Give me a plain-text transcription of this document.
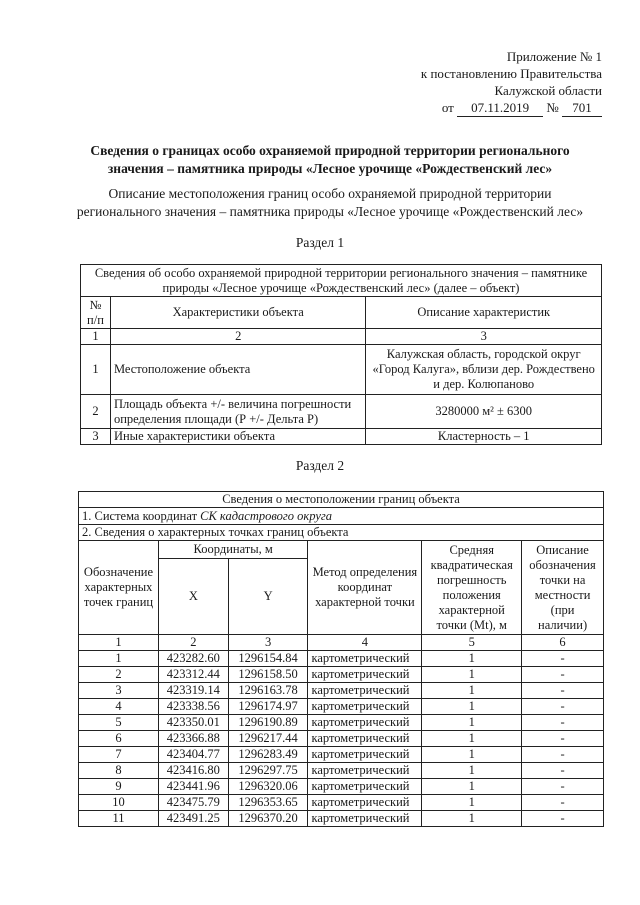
Приложение № 1
к постановлению Правительства
Калужской области
от 07.11.2019 № 701
Сведения о границах особо охраняемой природной территории регионального
значения – памятника природы «Лесное урочище «Рождественский лес»
Описание местоположения границ особо охраняемой природной территории
регионального значения – памятника природы «Лесное урочище «Рождественский лес»
Раздел 1
Сведения об особо охраняемой природной территории регионального значения – памятнике природы «Лесное урочище «Рождественский лес» (далее – объект)		
№ п/п	Характеристики объекта	Описание характеристик
1	2	3
1	Местоположение объекта	Калужская область, городской округ «Город Калуга», вблизи дер. Рождествено и дер. Колюпаново
2	Площадь объекта +/- величина погрешности определения площади (Р +/- Дельта Р)	3280000 м² ± 6300
3	Иные характеристики объекта	Кластерность – 1
Раздел 2
Сведения о местоположении границ объекта					
1. Система координат СК кадастрового округа					
2. Сведения о характерных точках границ объекта					
Обозначение характерных точек границ	Координаты, м		Метод определения координат характерной точки	Средняя квадратическая погрешность положения характерной точки (Mt), м	Описание обозначения точки на местности (при наличии)
	X	Y			
1	2	3	4	5	6
1	423282.60	1296154.84	картометрический	1	-
2	423312.44	1296158.50	картометрический	1	-
3	423319.14	1296163.78	картометрический	1	-
4	423338.56	1296174.97	картометрический	1	-
5	423350.01	1296190.89	картометрический	1	-
6	423366.88	1296217.44	картометрический	1	-
7	423404.77	1296283.49	картометрический	1	-
8	423416.80	1296297.75	картометрический	1	-
9	423441.96	1296320.06	картометрический	1	-
10	423475.79	1296353.65	картометрический	1	-
11	423491.25	1296370.20	картометрический	1	-
